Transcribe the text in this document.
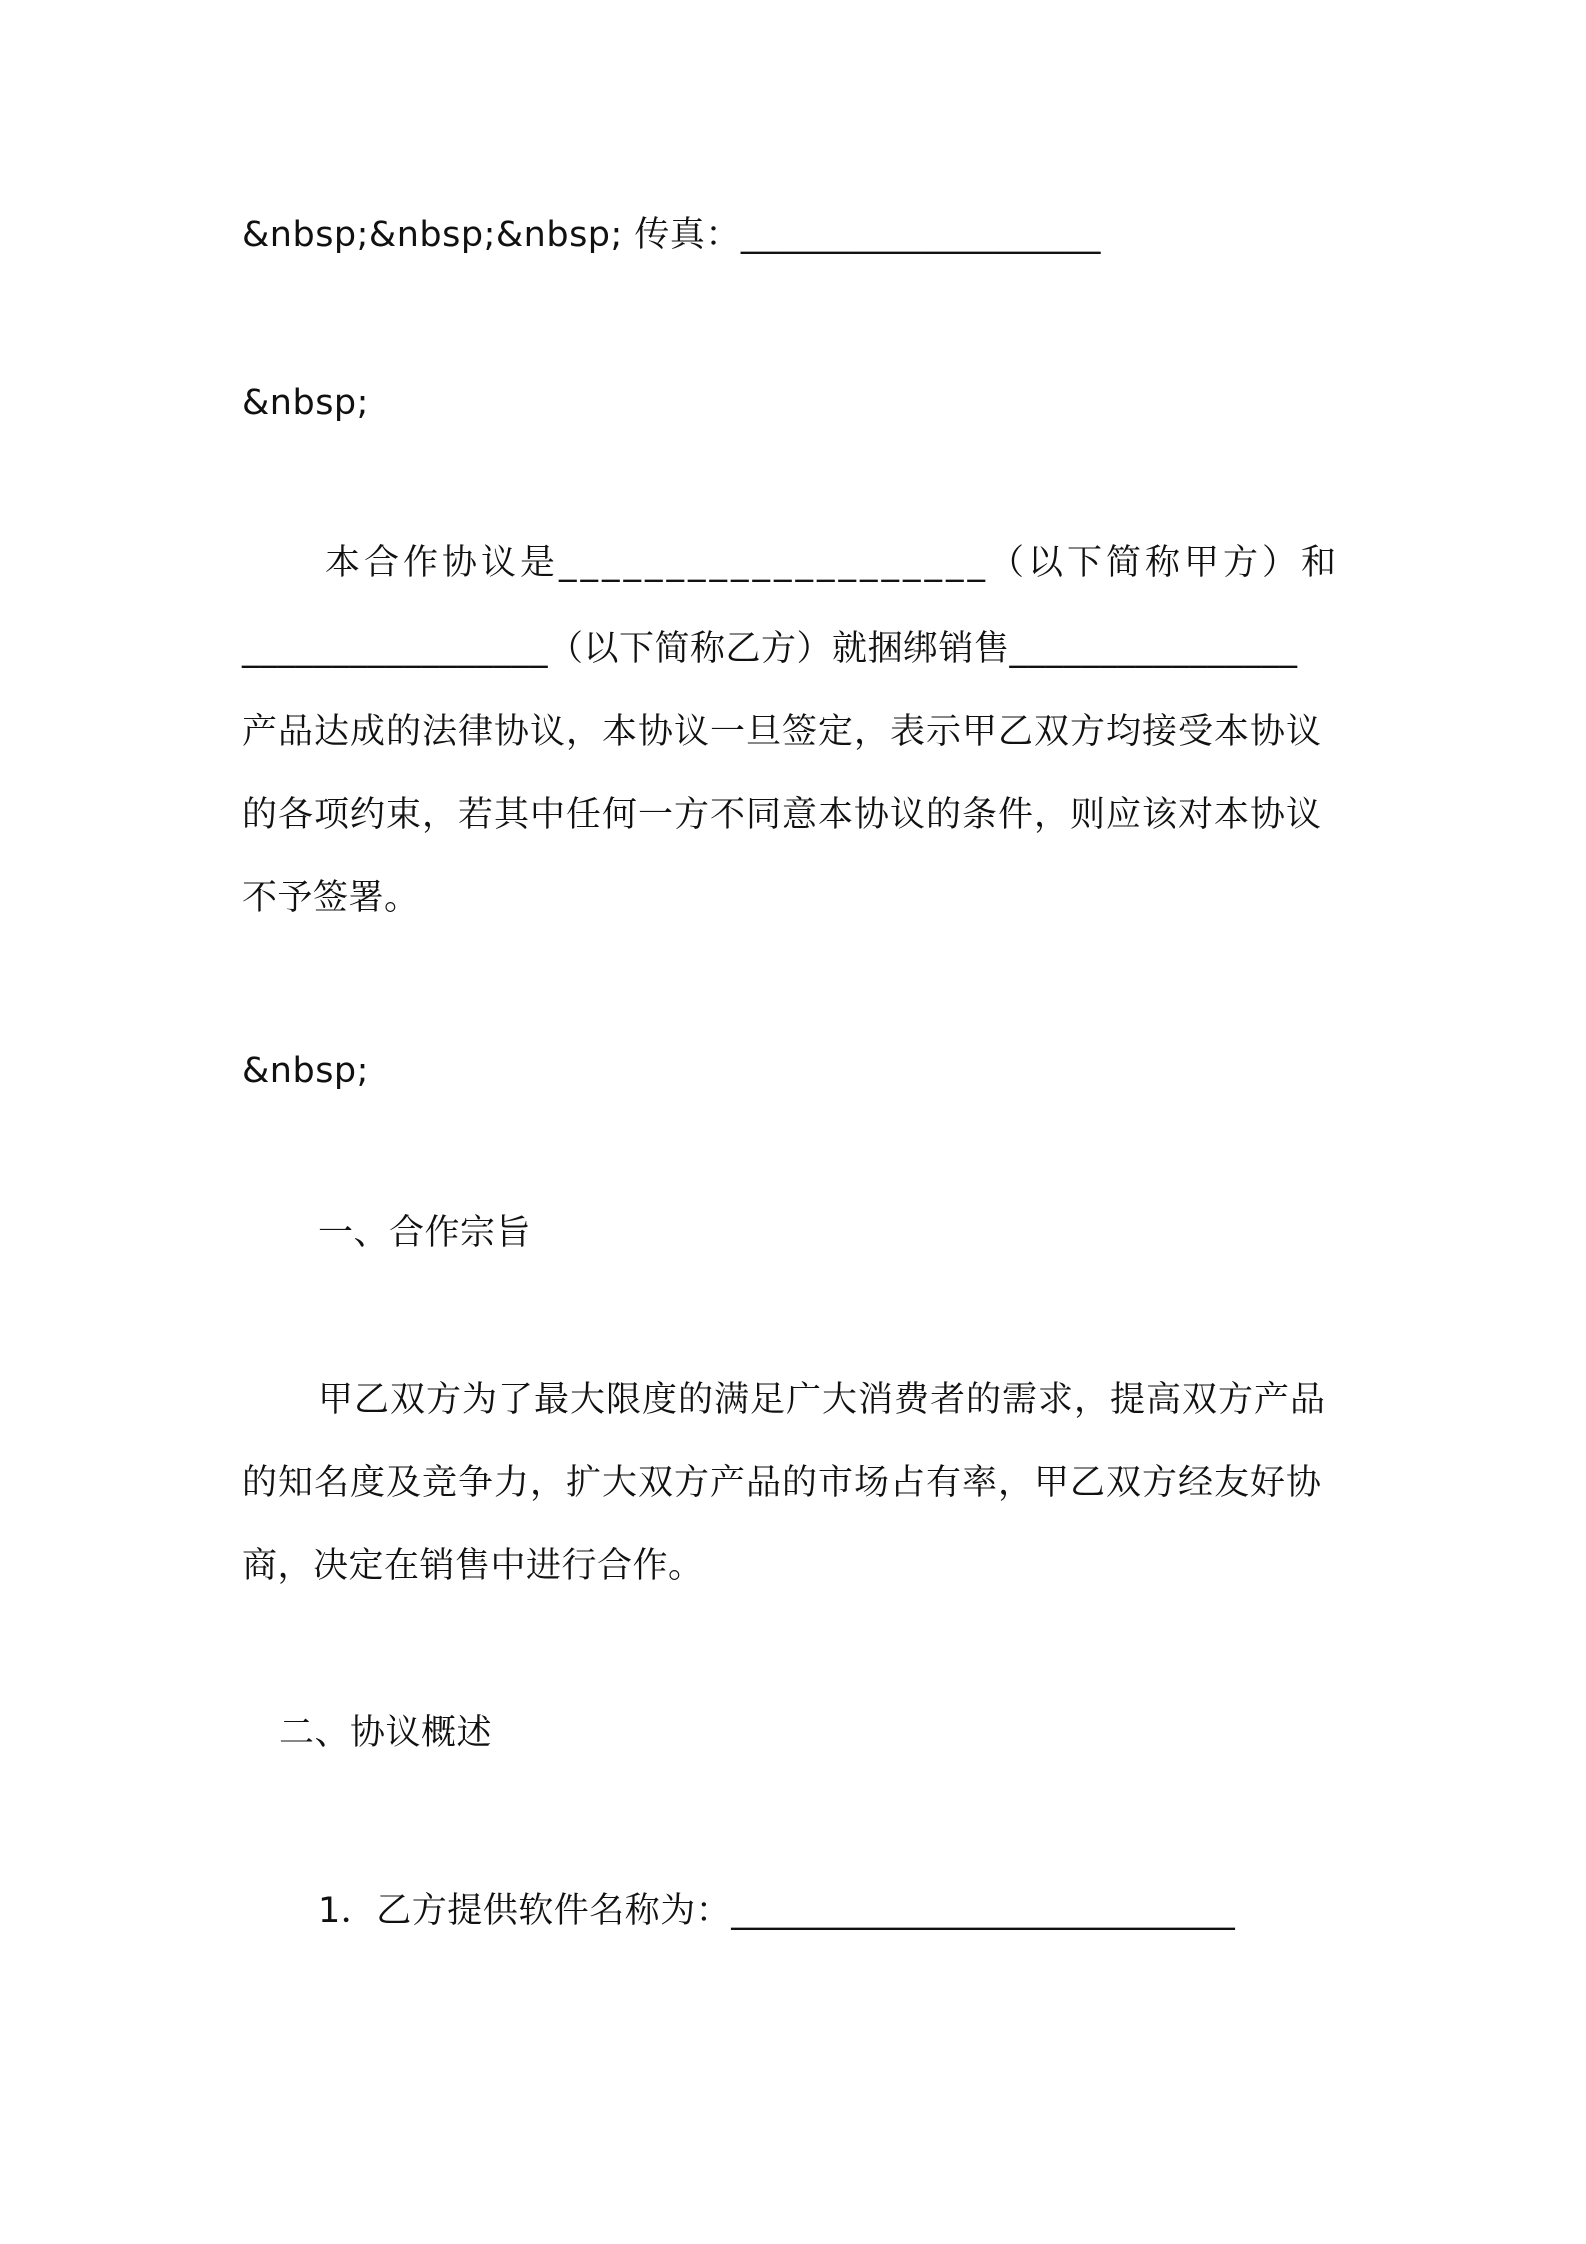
&nbsp;&nbsp;&nbsp; 传真：____________________
&nbsp;
本合作协议是____________________（以下简称甲方）和
_________________（以下简称乙方）就捆绑销售________________
产品达成的法律协议，本协议一旦签定，表示甲乙双方均接受本协议
的各项约束，若其中任何一方不同意本协议的条件，则应该对本协议
不予签署。
&nbsp;
一、合作宗旨
甲乙双方为了最大限度的满足广大消费者的需求，提高双方产品
的知名度及竞争力，扩大双方产品的市场占有率，甲乙双方经友好协
商，决定在销售中进行合作。
二、协议概述
1．乙方提供软件名称为：____________________________
